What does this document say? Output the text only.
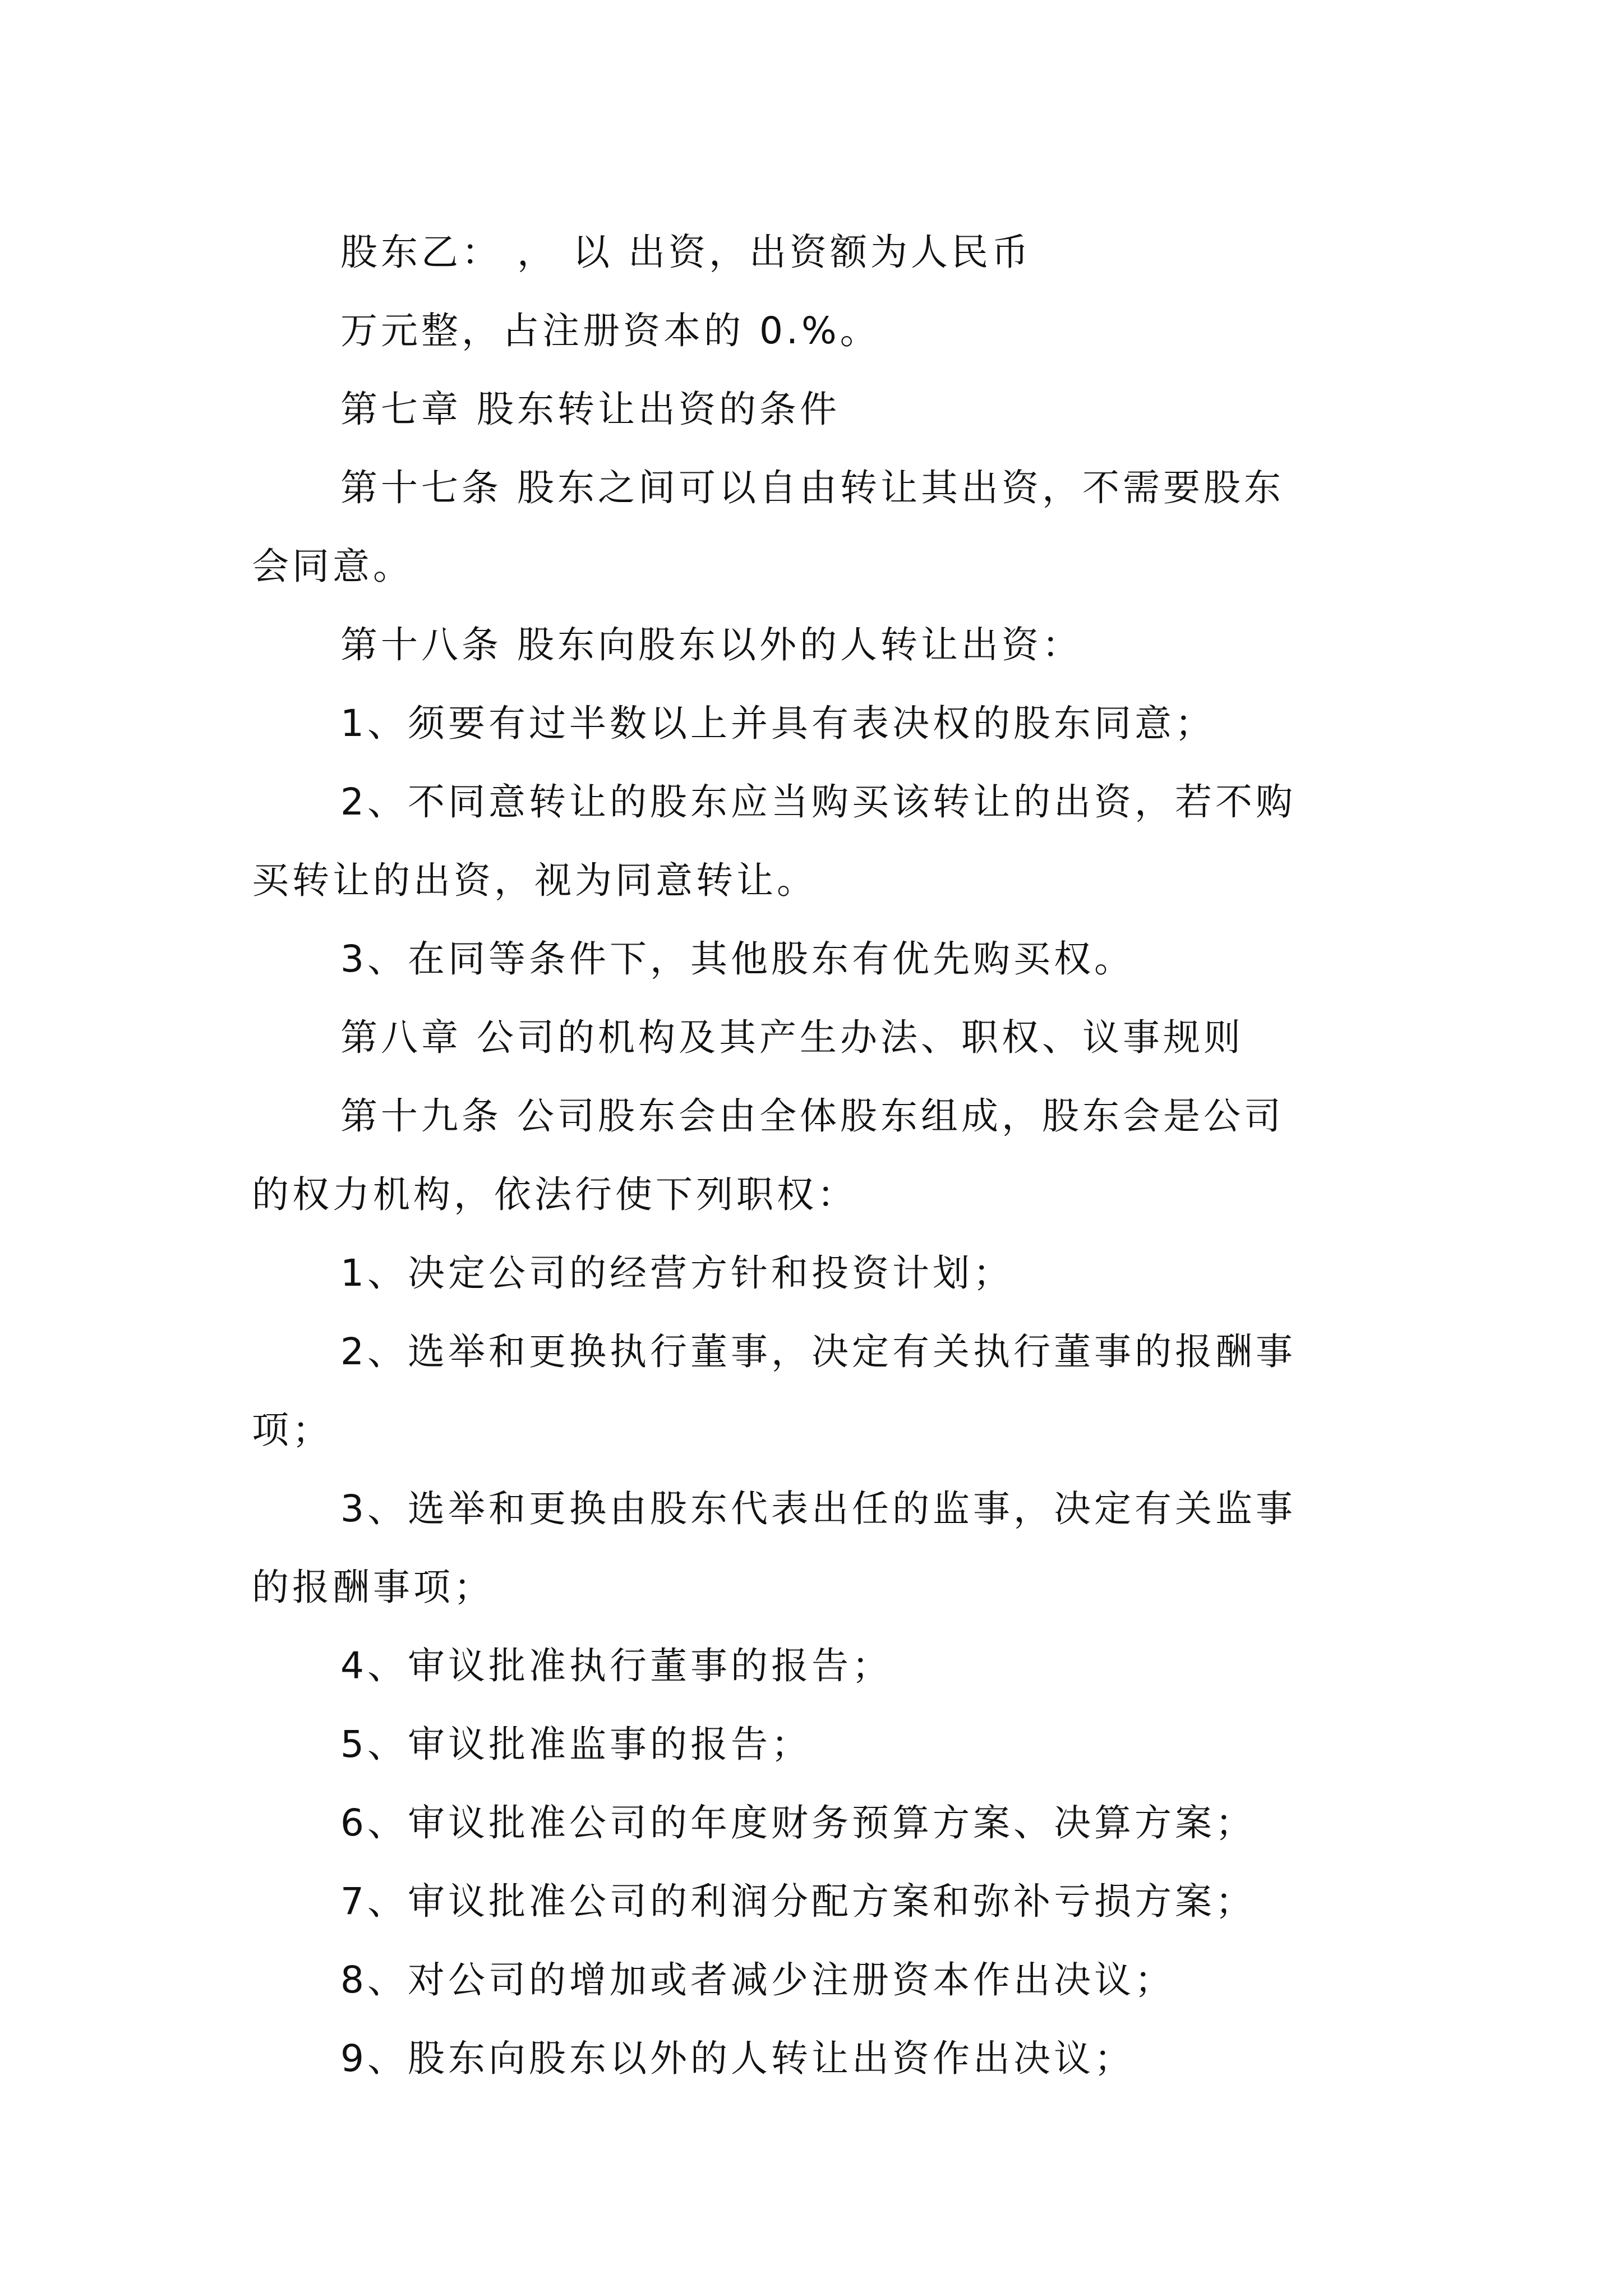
股东乙： ， 以 出资，出资额为人民币
万元整，占注册资本的 0.%。
第七章 股东转让出资的条件
第十七条 股东之间可以自由转让其出资，不需要股东
会同意。
第十八条 股东向股东以外的人转让出资：
1、须要有过半数以上并具有表决权的股东同意；
2、不同意转让的股东应当购买该转让的出资，若不购
买转让的出资，视为同意转让。
3、在同等条件下，其他股东有优先购买权。
第八章 公司的机构及其产生办法、职权、议事规则
第十九条 公司股东会由全体股东组成，股东会是公司
的权力机构，依法行使下列职权：
1、决定公司的经营方针和投资计划；
2、选举和更换执行董事，决定有关执行董事的报酬事
项；
3、选举和更换由股东代表出任的监事，决定有关监事
的报酬事项；
4、审议批准执行董事的报告；
5、审议批准监事的报告；
6、审议批准公司的年度财务预算方案、决算方案；
7、审议批准公司的利润分配方案和弥补亏损方案；
8、对公司的增加或者减少注册资本作出决议；
9、股东向股东以外的人转让出资作出决议；
